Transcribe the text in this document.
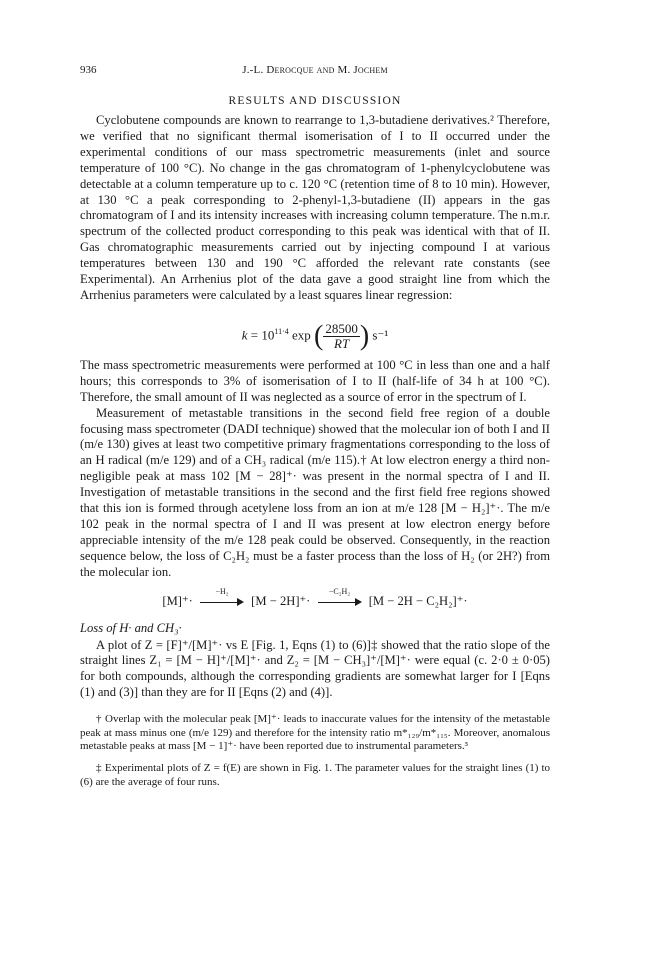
936	J.-L. Derocque and M. Jochem
RESULTS AND DISCUSSION

Cyclobutene compounds are known to rearrange to 1,3-butadiene derivatives.² Therefore, we verified that no significant thermal isomerisation of I to II occurred under the experimental conditions of our mass spectrometric measurements (inlet and source temperature of 100 °C). No change in the gas chromatogram of 1-phenylcyclobutene was detectable at a column temperature up to c. 120 °C (retention time of 8 to 10 min). However, at 130 °C a peak corresponding to 2-phenyl-1,3-butadiene (II) appears in the gas chromatogram of I and its intensity increases with increasing column temperature. The n.m.r. spectrum of the collected product corresponding to this peak was identical with that of II. Gas chromatographic measurements carried out by injecting compound I at various temperatures between 130 and 190 °C afforded the relevant rate constants (see Experimental). An Arrhenius plot of the data gave a good straight line from which the Arrhenius parameters were calculated by a least squares linear regression:

$k = 10^{11\cdot 4}$ exp ( $\frac{28500}{RT}$) s⁻¹

The mass spectrometric measurements were performed at 100 °C in less than one and a half hours; this corresponds to 3% of isomerisation of I to II (half-life of 34 h at 100 °C). Therefore, the small amount of II was neglected as a source of error in the spectrum of I.

Measurement of metastable transitions in the second field free region of a double focusing mass spectrometer (DADI technique) showed that the molecular ion of both I and II (m/e 130) gives at least two competitive primary fragmentations corresponding to the loss of an H radical (m/e 129) and of a CH₃ radical (m/e 115).† At low electron energy a third non-negligible peak at mass 102 [M − 28]⁺· was present in the normal spectra of I and II. Investigation of metastable transitions in the second and the first field free regions showed that this ion is formed through acetylene loss from an ion at m/e 128 [M − H₂]⁺·. The m/e 102 peak in the normal spectra of I and II was present at low electron energy before appreciable intensity of the m/e 128 peak could be observed. Consequently, in the reaction sequence below, the loss of C₂H₂ must be a faster process than the loss of H₂ (or 2H?) from the molecular ion.

[M]⁺·
−H₂
[M − 2H]⁺·
−C₂H₂
[M − 2H − C₂H₂]⁺·
Loss of H· and CH₃·

A plot of Z = [F]⁺/[M]⁺· vs E [Fig. 1, Eqns (1) to (6)]‡ showed that the ratio slope of the straight lines Z₁ = [M − H]⁺/[M]⁺· and Z₂ = [M − CH₃]⁺/[M]⁺· were equal (c. 2·0 ± 0·05) for both compounds, although the corresponding gradients are somewhat larger for I [Eqns (1) and (3)] than they are for II [Eqns (2) and (4)].

† Overlap with the molecular peak [M]⁺· leads to inaccurate values for the intensity of the metastable peak at mass minus one (m/e 129) and therefore for the intensity ratio m*₁₂₉/m*₁₁₅. Moreover, anomalous metastable peaks at mass [M − 1]⁺· have been reported due to instrumental parameters.³

‡ Experimental plots of Z = f(E) are shown in Fig. 1. The parameter values for the straight lines (1) to (6) are the average of four runs.
